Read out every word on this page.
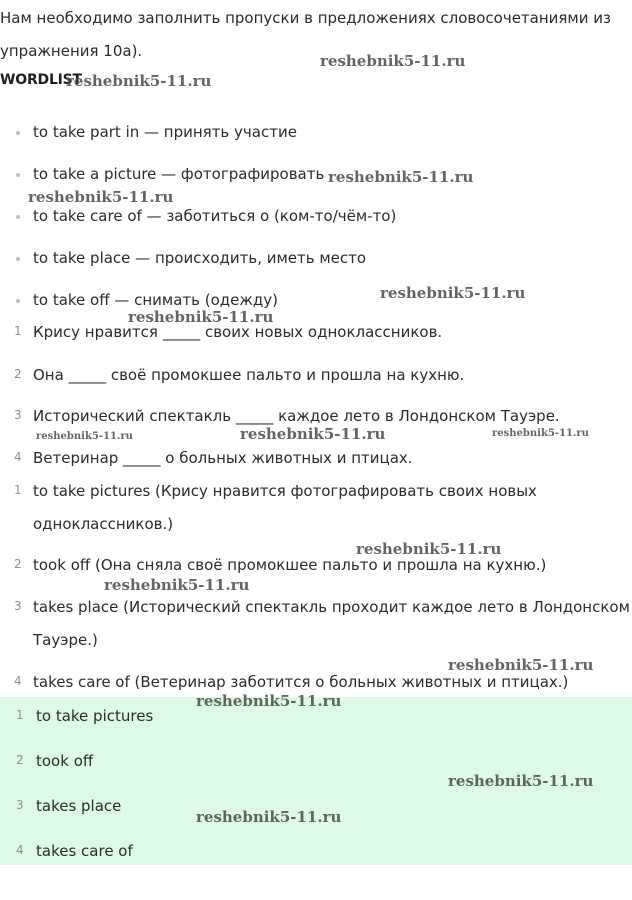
Нам необходимо заполнить пропуски в предложениях словосочетаниями из
упражнения 10а).
WORDLIST
to take part in — принять участие
to take a picture — фотографировать
to take care of — заботиться о (ком-то/чём-то)
to take place — происходить, иметь место
to take off — снимать (одежду)
1 Крису нравится _____ своих новых одноклассников.
2 Она _____ своё промокшее пальто и прошла на кухню.
3 Исторический спектакль _____ каждое лето в Лондонском Тауэре.
4 Ветеринар _____ о больных животных и птицах.
1 to take pictures (Крису нравится фотографировать своих новых
одноклассников.)
2 took off (Она сняла своё промокшее пальто и прошла на кухню.)
3 takes place (Исторический спектакль проходит каждое лето в Лондонском
Тауэре.)
4 takes care of (Ветеринар заботится о больных животных и птицах.)
1 to take pictures
2 took off
3 takes place
4 takes care of
reshebnik5-11.ru
reshebnik5-11.ru
reshebnik5-11.ru
reshebnik5-11.ru
reshebnik5-11.ru
reshebnik5-11.ru
reshebnik5-11.ru	reshebnik5-11.ru	reshebnik5-11.ru
reshebnik5-11.ru
reshebnik5-11.ru
reshebnik5-11.ru
reshebnik5-11.ru
reshebnik5-11.ru
reshebnik5-11.ru
